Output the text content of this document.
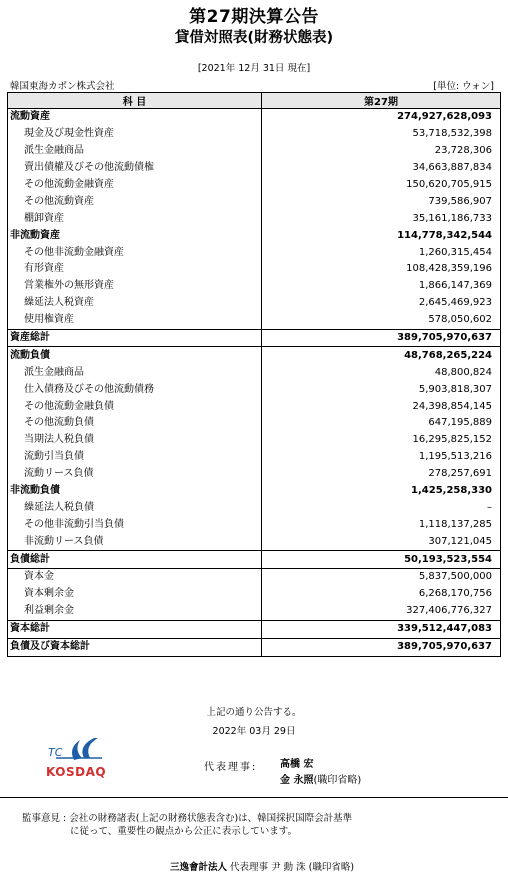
第27期決算公告
貸借対照表(財務状態表)
[2021年 12月 31日 現在]
韓国東海カボン株式会社	[単位: ウォン]
科 目	第27期
流動資産	274,927,628,093
現金及び現金性資産	53,718,532,398
派生金融商品	23,728,306
賣出債權及びその他流動債権	34,663,887,834
その他流動金融資産	150,620,705,915
その他流動資産	739,586,907
棚卸資産	35,161,186,733
非流動資産	114,778,342,544
その他非流動金融資産	1,260,315,454
有形資産	108,428,359,196
営業権外の無形資産	1,866,147,369
繰延法人税資産	2,645,469,923
使用権資産	578,050,602
資産総計	389,705,970,637
流動負債	48,768,265,224
派生金融商品	48,800,824
仕入債務及びその他流動債務	5,903,818,307
その他流動金融負債	24,398,854,145
その他流動負債	647,195,889
当期法人税負債	16,295,825,152
流動引当負債	1,195,513,216
流動リース負債	278,257,691
非流動負債	1,425,258,330
繰延法人税負債	–
その他非流動引当負債	1,118,137,285
非流動リース負債	307,121,045
負債総計	50,193,523,554
資本金	5,837,500,000
資本剰余金	6,268,170,756
利益剰余金	327,406,776,327
資本総計	339,512,447,083
負債及び資本総計	389,705,970,637
上記の通り公告する。
2022年 03月 29日
TC
KOSDAQ	代表理事: 高橋 宏
金 永照(職印省略)
監事意見 : 会社の財務諸表(上記の財務状態表含む)は、韓国採択国際会計基準
に従って、重要性の観点から公正に表示しています。
三逸會計法人 代表理事 尹 勳 洙 (職印省略)
